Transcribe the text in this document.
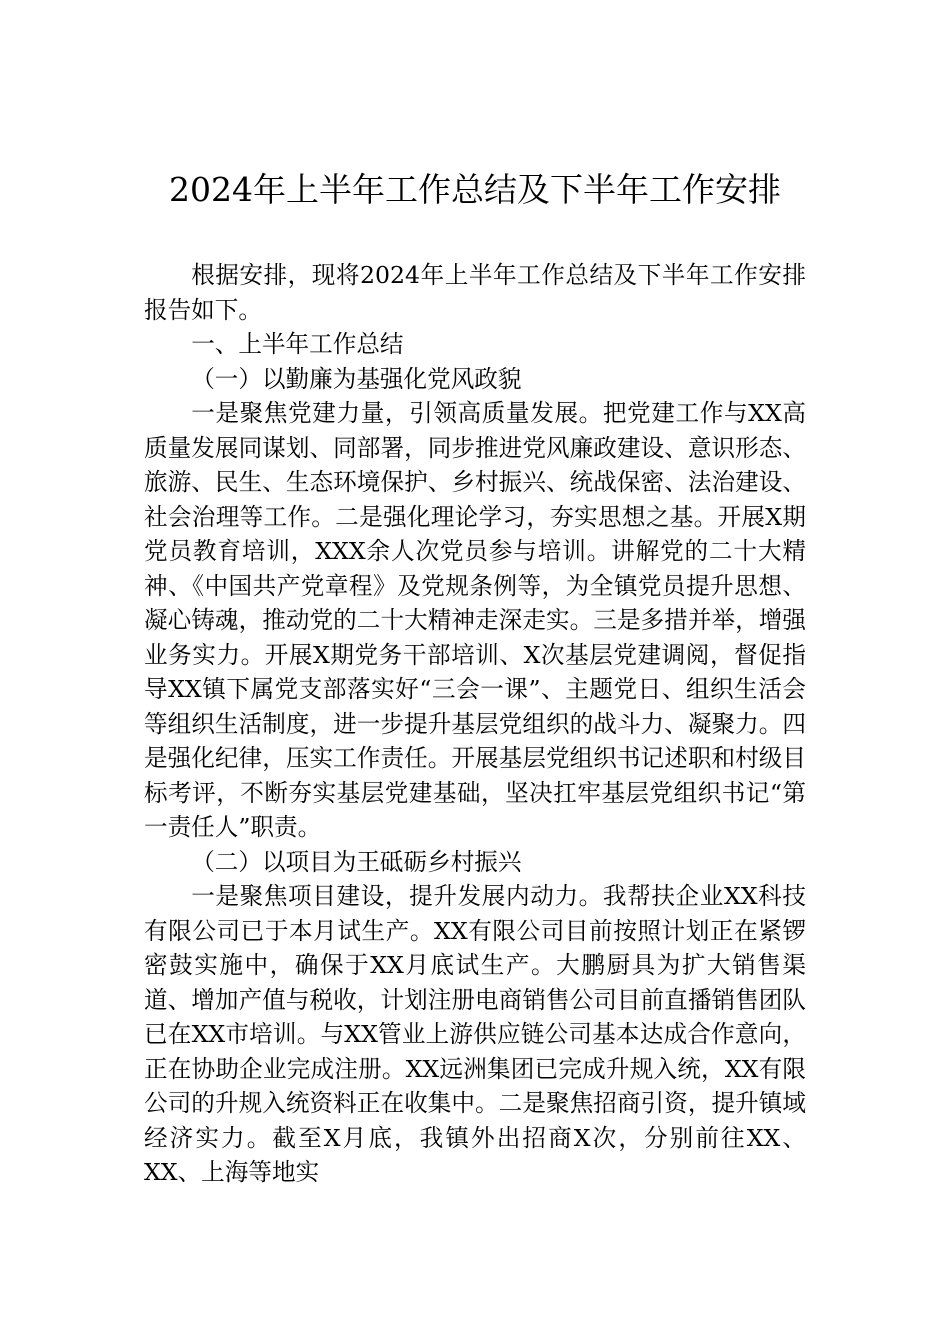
2024年上半年工作总结及下半年工作安排

根据安排，现将2024年上半年工作总结及下半年工作安排报告如下。

一、上半年工作总结

（一）以勤廉为基强化党风政貌

一是聚焦党建力量，引领高质量发展。把党建工作与XX高质量发展同谋划、同部署，同步推进党风廉政建设、意识形态、旅游、民生、生态环境保护、乡村振兴、统战保密、法治建设、社会治理等工作。二是强化理论学习，夯实思想之基。开展X期党员教育培训，XXX余人次党员参与培训。讲解党的二十大精神、《中国共产党章程》及党规条例等，为全镇党员提升思想、凝心铸魂，推动党的二十大精神走深走实。三是多措并举，增强业务实力。开展X期党务干部培训、X次基层党建调阅，督促指导XX镇下属党支部落实好“三会一课”、主题党日、组织生活会等组织生活制度，进一步提升基层党组织的战斗力、凝聚力。四是强化纪律，压实工作责任。开展基层党组织书记述职和村级目标考评，不断夯实基层党建基础，坚决扛牢基层党组织书记“第一责任人”职责。

（二）以项目为王砥砺乡村振兴

一是聚焦项目建设，提升发展内动力。我帮扶企业XX科技有限公司已于本月试生产。XX有限公司目前按照计划正在紧锣密鼓实施中，确保于XX月底试生产。大鹏厨具为扩大销售渠道、增加产值与税收，计划注册电商销售公司目前直播销售团队已在XX市培训。与XX管业上游供应链公司基本达成合作意向，正在协助企业完成注册。XX远洲集团已完成升规入统，XX有限公司的升规入统资料正在收集中。二是聚焦招商引资，提升镇域经济实力。截至X月底，我镇外出招商X次，分别前往XX、XX、上海等地实
